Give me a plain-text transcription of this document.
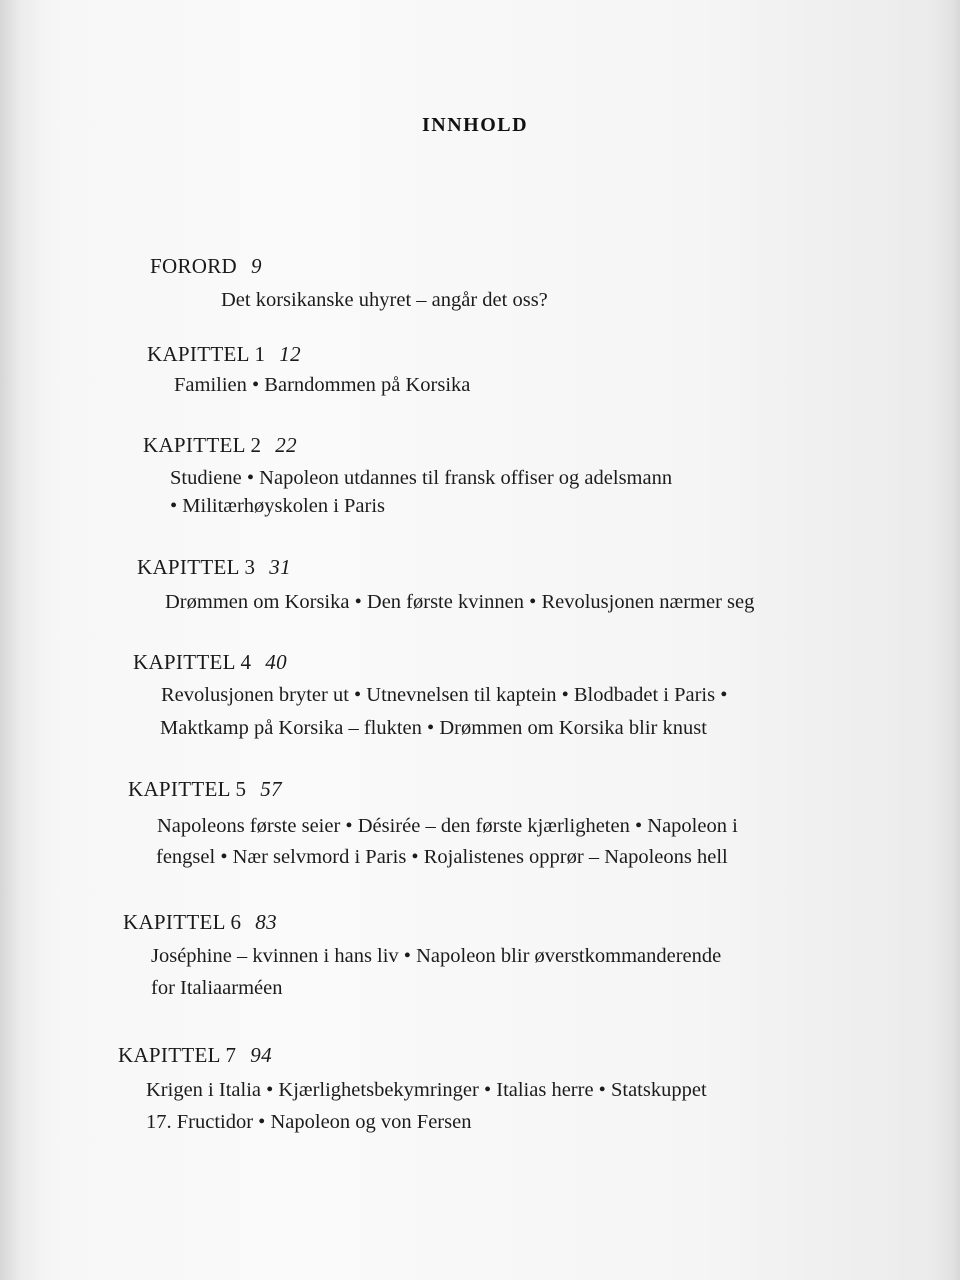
INNHOLD
FORORD 9
Det korsikanske uhyret – angår det oss?
KAPITTEL 1 12
Familien • Barndommen på Korsika
KAPITTEL 2 22
Studiene • Napoleon utdannes til fransk offiser og adelsmann
• Militærhøyskolen i Paris
KAPITTEL 3 31
Drømmen om Korsika • Den første kvinnen • Revolusjonen nærmer seg
KAPITTEL 4 40
Revolusjonen bryter ut • Utnevnelsen til kaptein • Blodbadet i Paris •
Maktkamp på Korsika – flukten • Drømmen om Korsika blir knust
KAPITTEL 5 57
Napoleons første seier • Désirée – den første kjærligheten • Napoleon i
fengsel • Nær selvmord i Paris • Rojalistenes opprør – Napoleons hell
KAPITTEL 6 83
Joséphine – kvinnen i hans liv • Napoleon blir øverstkommanderende
for Italiaarméen
KAPITTEL 7 94
Krigen i Italia • Kjærlighetsbekymringer • Italias herre • Statskuppet
17. Fructidor • Napoleon og von Fersen
